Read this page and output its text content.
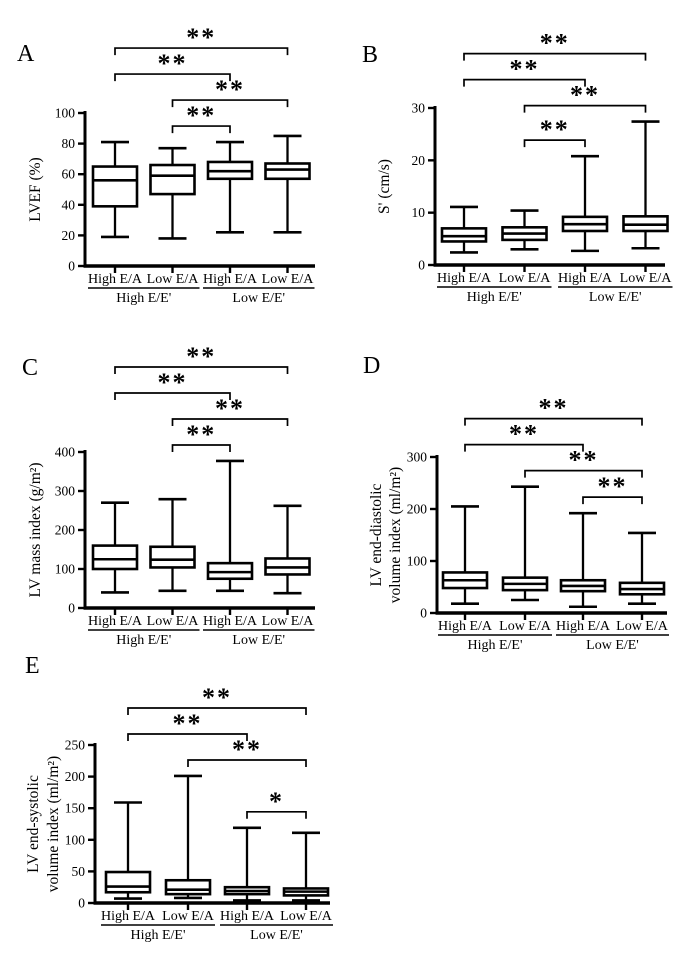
0
20
40
60
80
100
LVEF (%)
High E/A Low E/A High E/A Low E/A
High E/E'	Low E/E'
**
**
**
**
0
10
20
30
S' (cm/s)
High E/A Low E/A High E/A Low E/A
High E/E'	Low E/E'
**
**
**
**
0
100
200
300
400
LV mass index (g/m²)
High E/A Low E/A High E/A Low E/A
High E/E'	Low E/E'
**
**
**
**
0
100
200
300
LV end-diastolic volume index (ml/m²)
High E/A Low E/A High E/A Low E/A
High E/E'	Low E/E'
**
**
**
**
0
50
100
150
200
250
LV end-systolic volume index (ml/m²)
High E/A Low E/A High E/A Low E/A
High E/E'	Low E/E'
**
**
**
*
A	B
C	D
E
